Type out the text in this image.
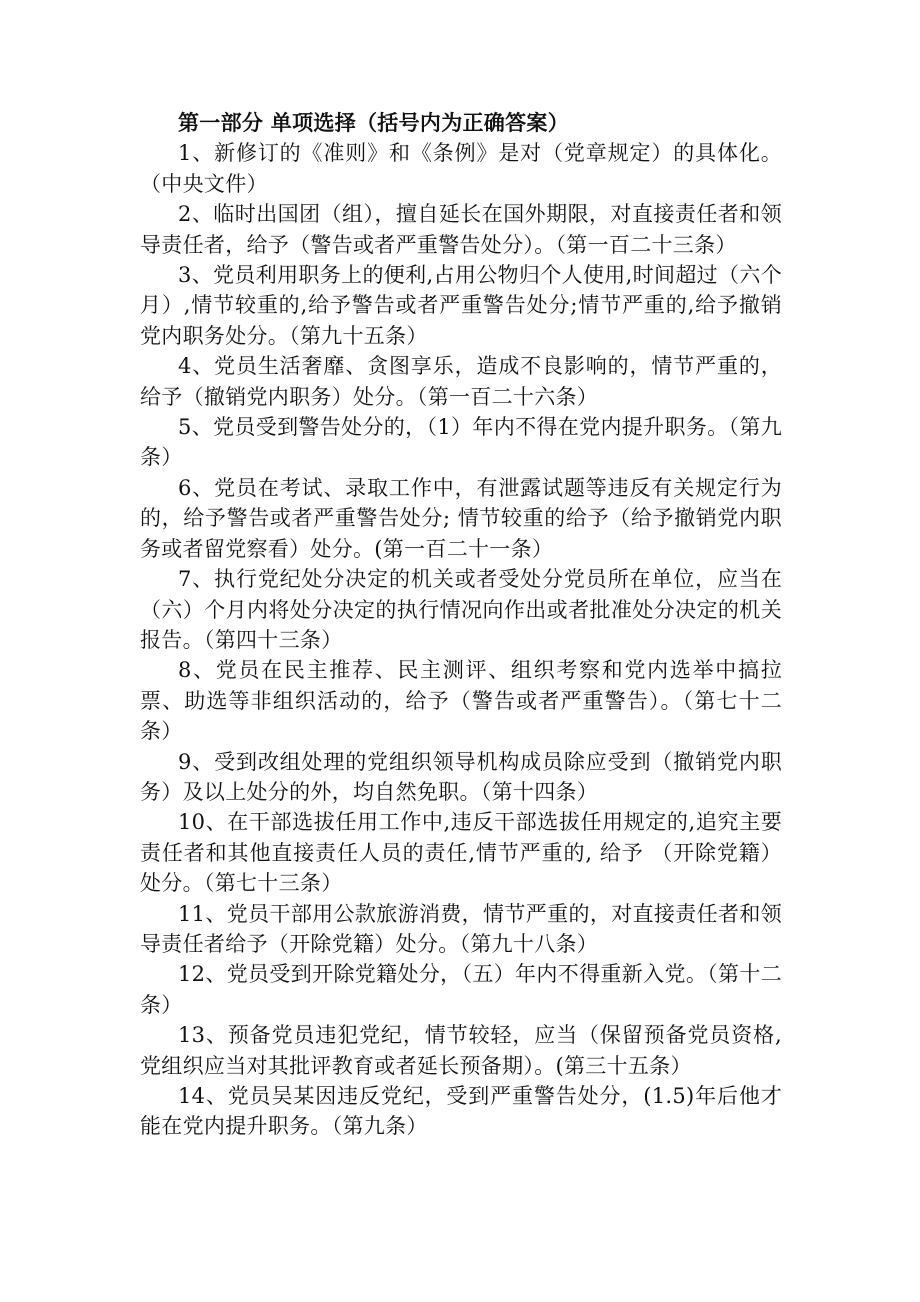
第一部分 单项选择（括号内为正确答案）

1、新修订的《准则》和《条例》是对（党章规定）的具体化。（中央文件）

2、临时出国团（组），擅自延长在国外期限，对直接责任者和领导责任者，给予（警告或者严重警告处分）。（第一百二十三条）

3、党员利用职务上的便利,占用公物归个人使用,时间超过（六个月）,情节较重的,给予警告或者严重警告处分;情节严重的,给予撤销党内职务处分。（第九十五条）

4、党员生活奢靡、贪图享乐，造成不良影响的，情节严重的，给予（撤销党内职务）处分。（第一百二十六条）

5、党员受到警告处分的，（1）年内不得在党内提升职务。（第九条）

6、党员在考试、录取工作中，有泄露试题等违反有关规定行为的，给予警告或者严重警告处分; 情节较重的给予（给予撤销党内职务或者留党察看）处分。(第一百二十一条）

7、执行党纪处分决定的机关或者受处分党员所在单位，应当在（六）个月内将处分决定的执行情况向作出或者批准处分决定的机关报告。（第四十三条）

8、党员在民主推荐、民主测评、组织考察和党内选举中搞拉票、助选等非组织活动的，给予（警告或者严重警告）。（第七十二条）

9、受到改组处理的党组织领导机构成员除应受到（撤销党内职务）及以上处分的外，均自然免职。（第十四条）

10、在干部选拔任用工作中,违反干部选拔任用规定的,追究主要责任者和其他直接责任人员的责任,情节严重的, 给予 （开除党籍）处分。（第七十三条）

11、党员干部用公款旅游消费，情节严重的，对直接责任者和领导责任者给予（开除党籍）处分。（第九十八条）

12、党员受到开除党籍处分，（五）年内不得重新入党。（第十二条）

13、预备党员违犯党纪，情节较轻，应当（保留预备党员资格,党组织应当对其批评教育或者延长预备期）。(第三十五条）

14、党员吴某因违反党纪，受到严重警告处分，(1.5)年后他才能在党内提升职务。（第九条）
